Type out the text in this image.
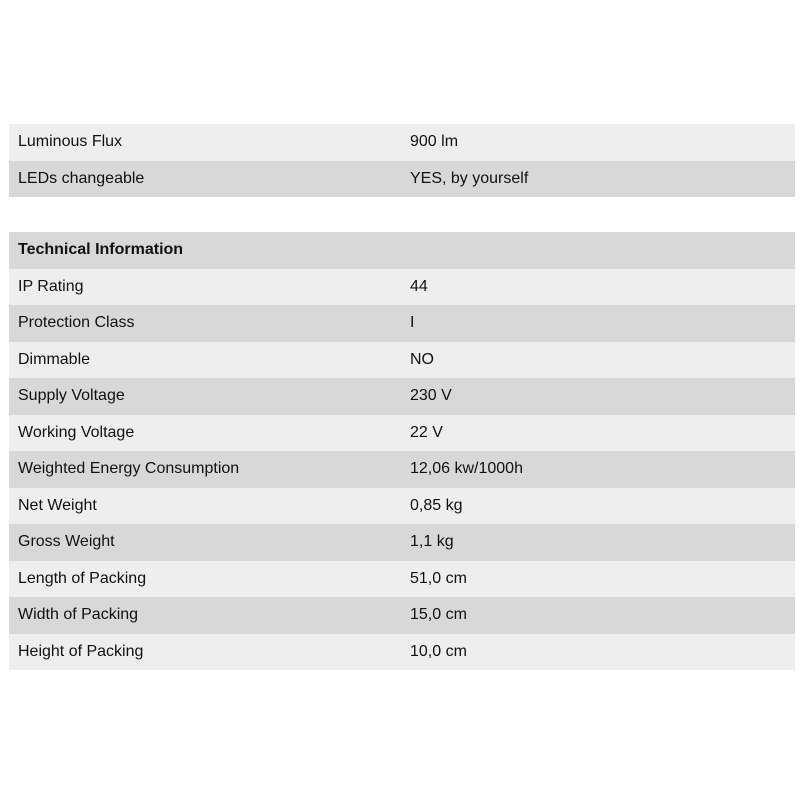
Luminous Flux	900 lm
LEDs changeable	YES, by yourself
Technical Information
IP Rating	44
Protection Class	I
Dimmable	NO
Supply Voltage	230 V
Working Voltage	22 V
Weighted Energy Consumption	12,06 kw/1000h
Net Weight	0,85 kg
Gross Weight	1,1 kg
Length of Packing	51,0 cm
Width of Packing	15,0 cm
Height of Packing	10,0 cm
